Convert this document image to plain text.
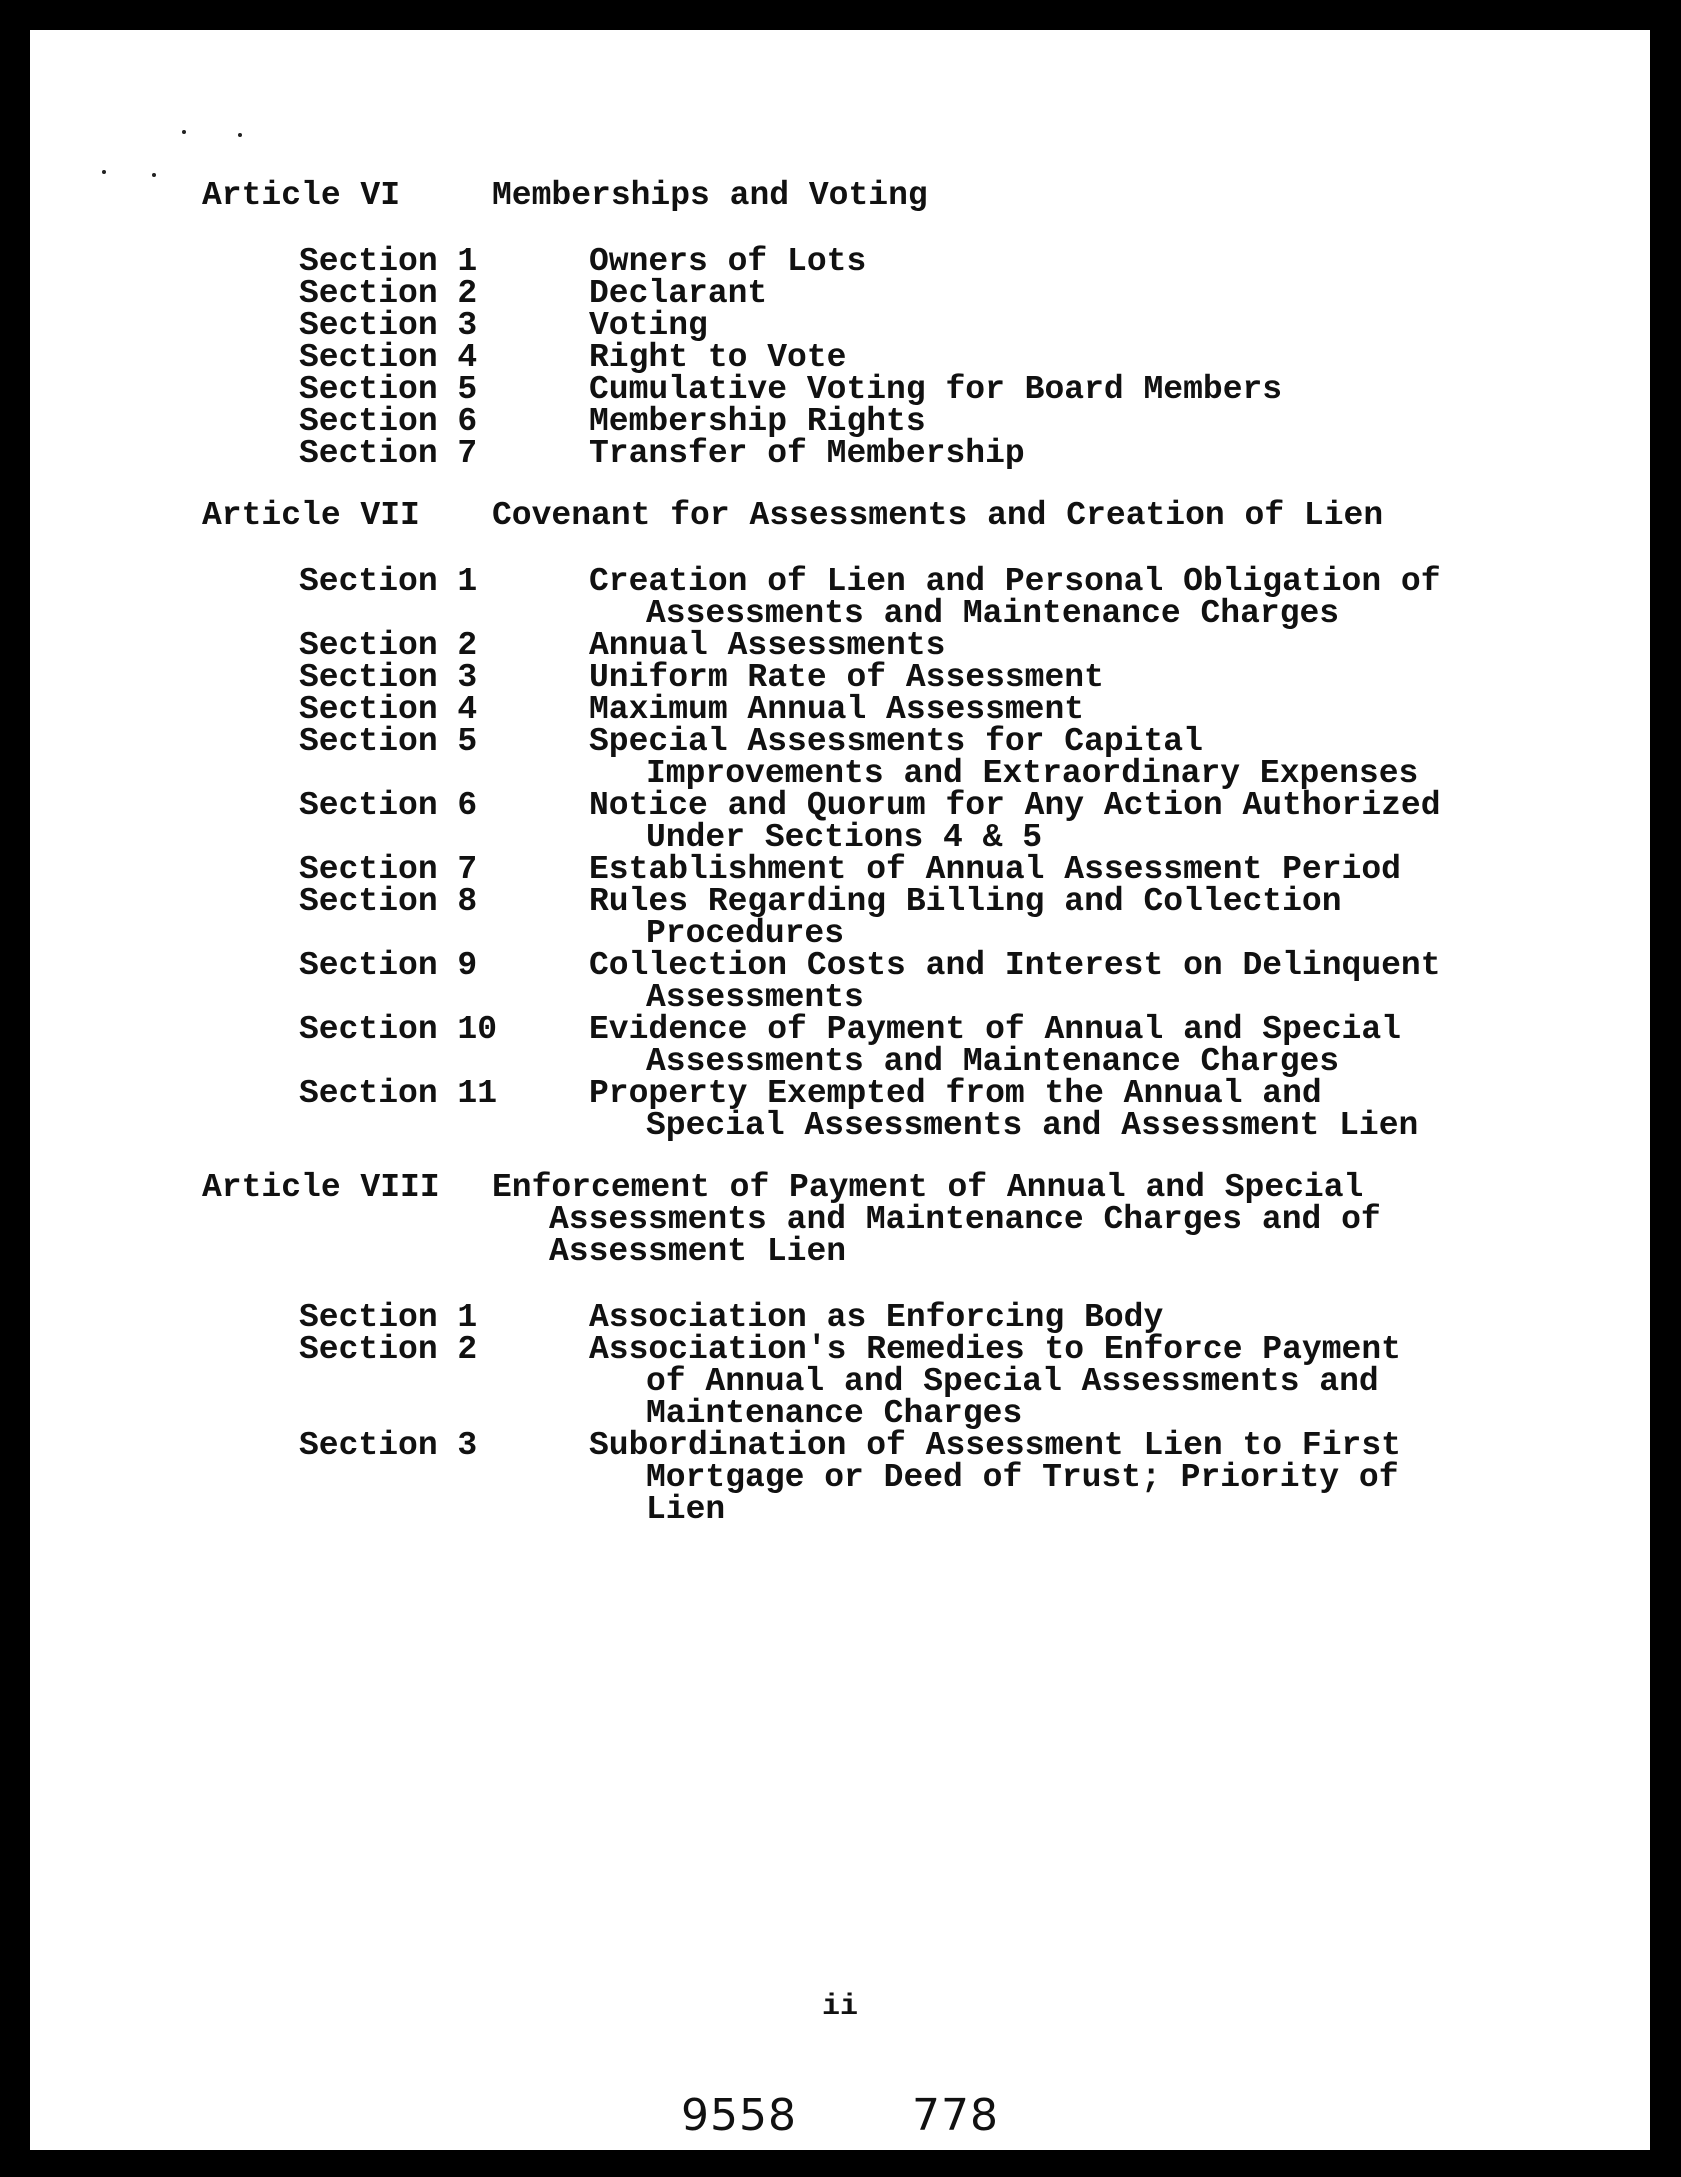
Article VI	Memberships and Voting
Section 1	Owners of Lots
Section 2	Declarant
Section 3	Voting
Section 4	Right to Vote
Section 5	Cumulative Voting for Board Members
Section 6	Membership Rights
Section 7	Transfer of Membership
Article VII	Covenant for Assessments and Creation of Lien
Section 1	Creation of Lien and Personal Obligation of Assessments and Maintenance Charges
Section 2	Annual Assessments
Section 3	Uniform Rate of Assessment
Section 4	Maximum Annual Assessment
Section 5	Special Assessments for Capital Improvements and Extraordinary Expenses
Section 6	Notice and Quorum for Any Action Authorized Under Sections 4 & 5
Section 7	Establishment of Annual Assessment Period
Section 8	Rules Regarding Billing and Collection Procedures
Section 9	Collection Costs and Interest on Delinquent Assessments
Section 10	Evidence of Payment of Annual and Special Assessments and Maintenance Charges
Section 11	Property Exempted from the Annual and Special Assessments and Assessment Lien
Article VIII	Enforcement of Payment of Annual and Special Assessments and Maintenance Charges and of Assessment Lien
Section 1	Association as Enforcing Body
Section 2	Association's Remedies to Enforce Payment of Annual and Special Assessments and Maintenance Charges
Section 3	Subordination of Assessment Lien to First Mortgage or Deed of Trust; Priority of Lien
ii
9558	778
